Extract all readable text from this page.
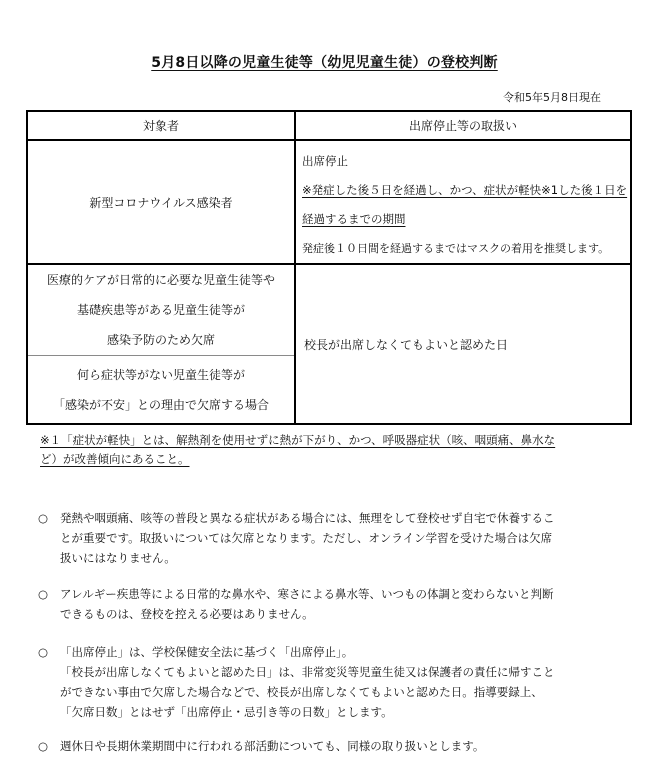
5月8日以降の児童生徒等（幼児児童生徒）の登校判断
令和5年5月8日現在
対象者	出席停止等の取扱い
新型コロナウイルス感染者	出席停止
※発症した後５日を経過し、かつ、症状が軽快※1した後１日を
経過するまでの期間
発症後１０日間を経過するまではマスクの着用を推奨します。

医療的ケアが日常的に必要な児童生徒等や
基礎疾患等がある児童生徒等が
感染予防のため欠席	校長が出席しなくてもよいと認めた日

何ら症状等がない児童生徒等が
「感染が不安」との理由で欠席する場合	
※１「症状が軽快」とは、解熱剤を使用せずに熱が下がり、かつ、呼吸器症状（咳、咽頭痛、鼻水な
ど）が改善傾向にあること。
○ 発熱や咽頭痛、咳等の普段と異なる症状がある場合には、無理をして登校せず自宅で休養するこ
とが重要です。取扱いについては欠席となります。ただし、オンライン学習を受けた場合は欠席
扱いにはなりません。
○ アレルギー疾患等による日常的な鼻水や、寒さによる鼻水等、いつもの体調と変わらないと判断
できるものは、登校を控える必要はありません。
○ 「出席停止」は、学校保健安全法に基づく「出席停止」。
「校長が出席しなくてもよいと認めた日」は、非常変災等児童生徒又は保護者の責任に帰すこと
ができない事由で欠席した場合などで、校長が出席しなくてもよいと認めた日。指導要録上、
「欠席日数」とはせず「出席停止・忌引き等の日数」とします。
○ 週休日や長期休業期間中に行われる部活動についても、同様の取り扱いとします。
